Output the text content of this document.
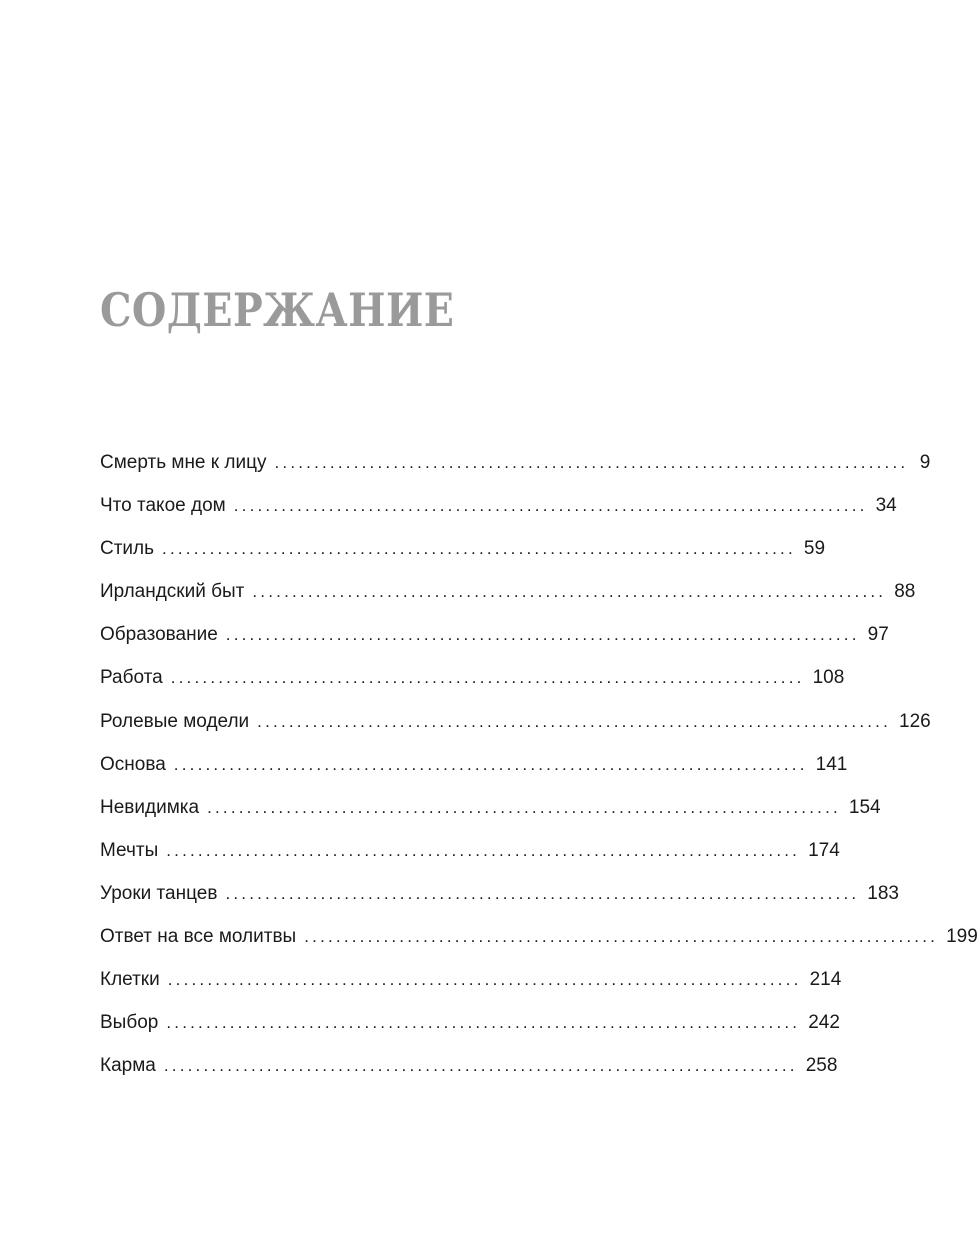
СОДЕРЖАНИЕ
Смерть мне к лицу ................................................................................ 9
Что такое дом ................................................................................ 34
Стиль ................................................................................ 59
Ирландский быт ................................................................................ 88
Образование ................................................................................ 97
Работа ................................................................................ 108
Ролевые модели ................................................................................ 126
Основа ................................................................................ 141
Невидимка ................................................................................ 154
Мечты ................................................................................ 174
Уроки танцев ................................................................................ 183
Ответ на все молитвы ................................................................................ 199
Клетки ................................................................................ 214
Выбор ................................................................................ 242
Карма ................................................................................ 258
